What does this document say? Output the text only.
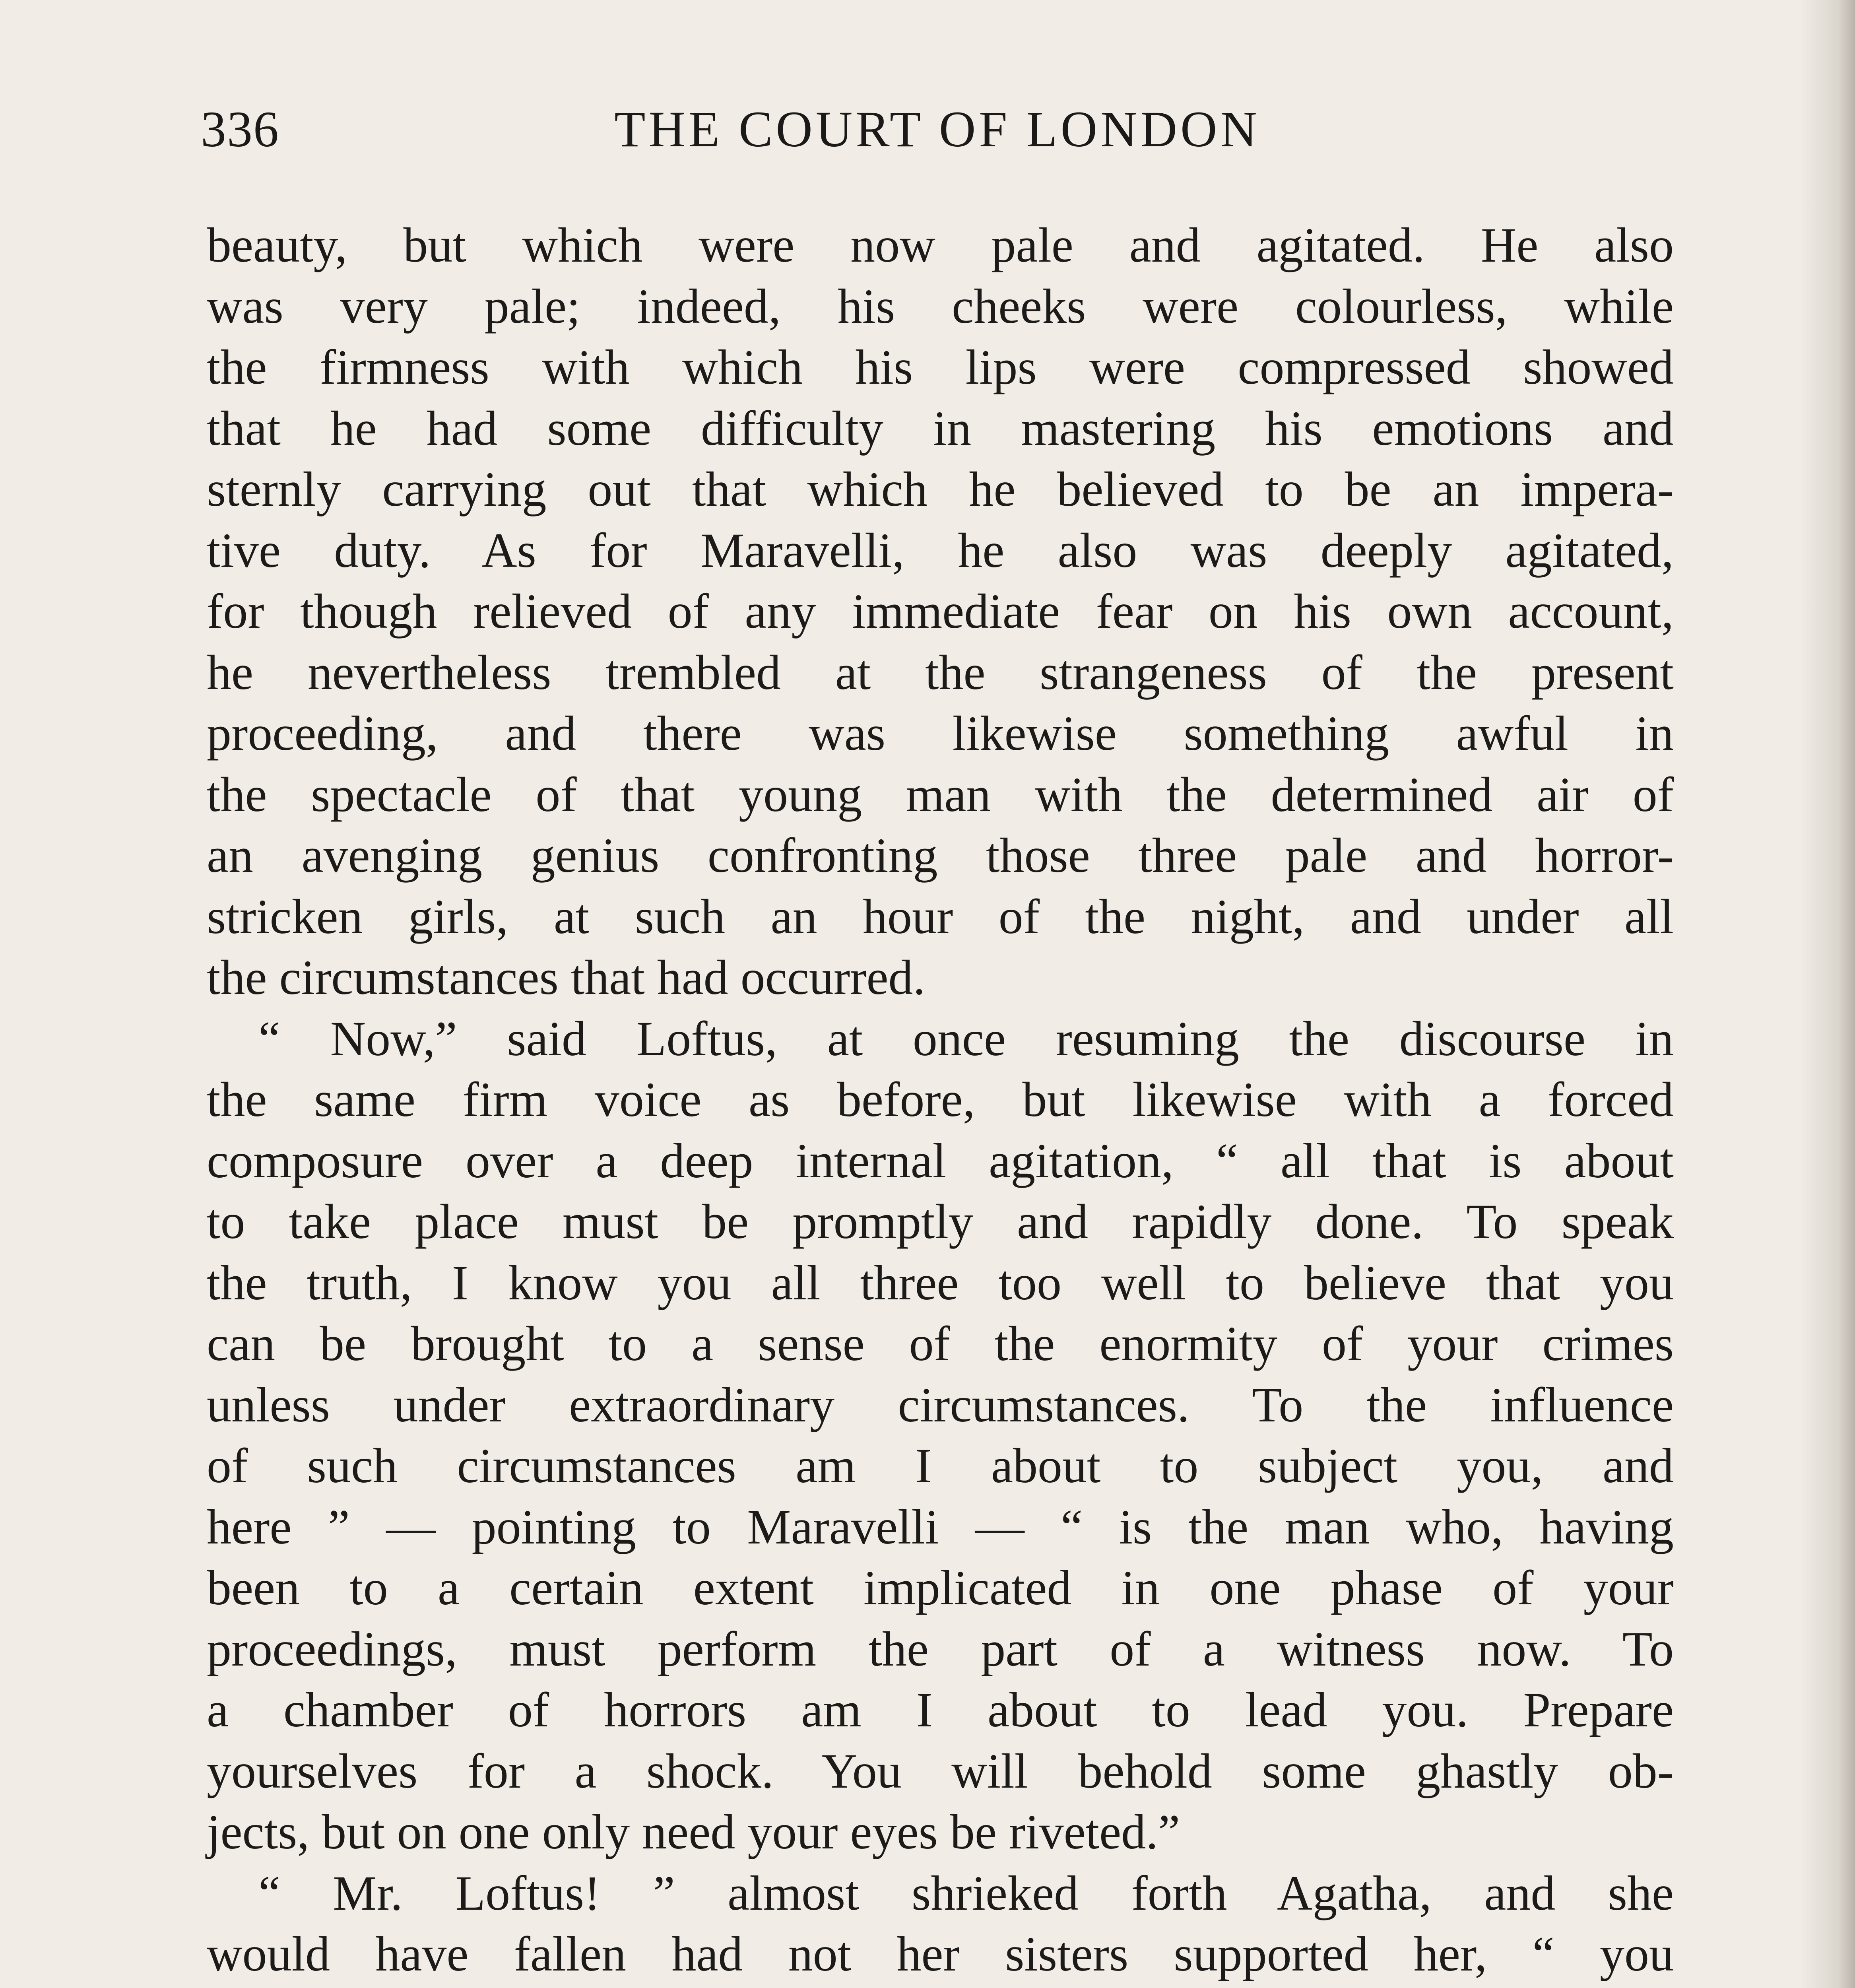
336	THE COURT OF LONDON
beauty, but which were now pale and agitated. He also
was very pale; indeed, his cheeks were colourless, while
the firmness with which his lips were compressed showed
that he had some difficulty in mastering his emotions and
sternly carrying out that which he believed to be an impera-
tive duty. As for Maravelli, he also was deeply agitated,
for though relieved of any immediate fear on his own account,
he nevertheless trembled at the strangeness of the present
proceeding, and there was likewise something awful in
the spectacle of that young man with the determined air of
an avenging genius confronting those three pale and horror-
stricken girls, at such an hour of the night, and under all
the circumstances that had occurred.
“ Now,” said Loftus, at once resuming the discourse in
the same firm voice as before, but likewise with a forced
composure over a deep internal agitation, “ all that is about
to take place must be promptly and rapidly done. To speak
the truth, I know you all three too well to believe that you
can be brought to a sense of the enormity of your crimes
unless under extraordinary circumstances. To the influence
of such circumstances am I about to subject you, and
here ” — pointing to Maravelli — “ is the man who, having
been to a certain extent implicated in one phase of your
proceedings, must perform the part of a witness now. To
a chamber of horrors am I about to lead you. Prepare
yourselves for a shock. You will behold some ghastly ob-
jects, but on one only need your eyes be riveted.”
“ Mr. Loftus! ” almost shrieked forth Agatha, and she
would have fallen had not her sisters supported her, “ you
